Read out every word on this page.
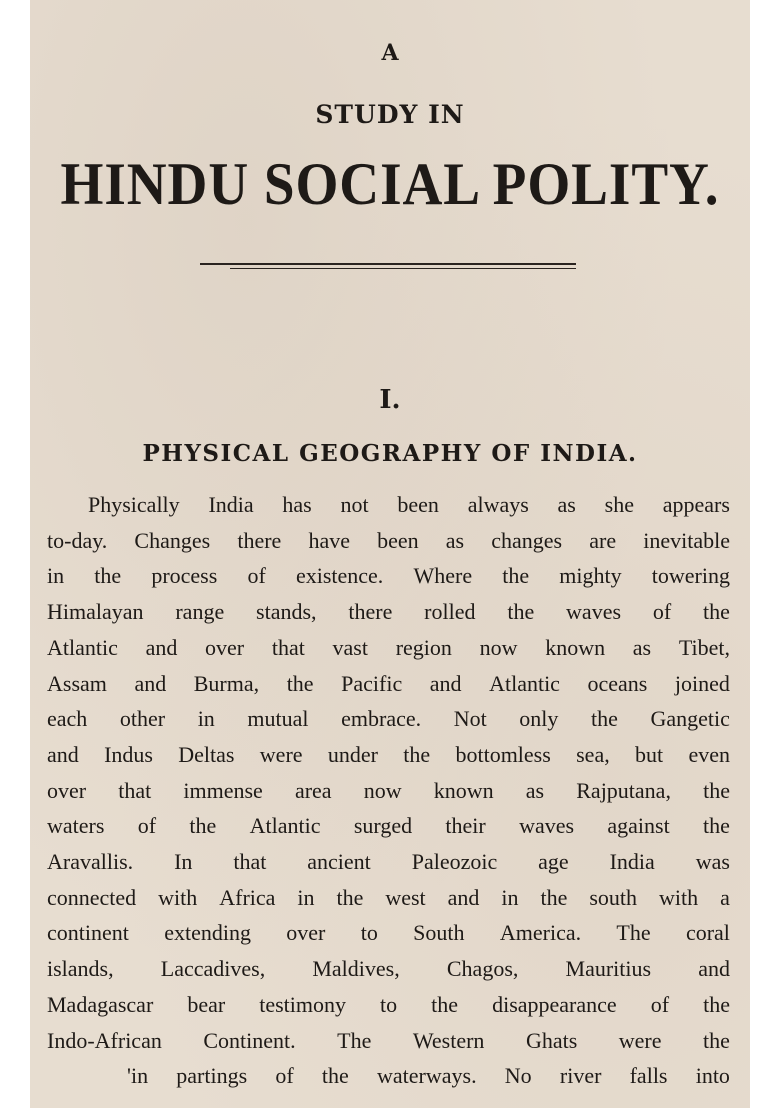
A
STUDY IN
HINDU SOCIAL POLITY.
I.
PHYSICAL GEOGRAPHY OF INDIA.
Physically India has not been always as she appears
to-day. Changes there have been as changes are inevitable
in the process of existence. Where the mighty towering
Himalayan range stands, there rolled the waves of the
Atlantic and over that vast region now known as Tibet,
Assam and Burma, the Pacific and Atlantic oceans joined
each other in mutual embrace. Not only the Gangetic
and Indus Deltas were under the bottomless sea, but even
over that immense area now known as Rajputana, the
waters of the Atlantic surged their waves against the
Aravallis. In that ancient Paleozoic age India was
connected with Africa in the west and in the south with a
continent extending over to South America. The coral
islands, Laccadives, Maldives, Chagos, Mauritius and
Madagascar bear testimony to the disappearance of the
Indo-African Continent. The Western Ghats were the
'in partings of the waterways. No river falls into
